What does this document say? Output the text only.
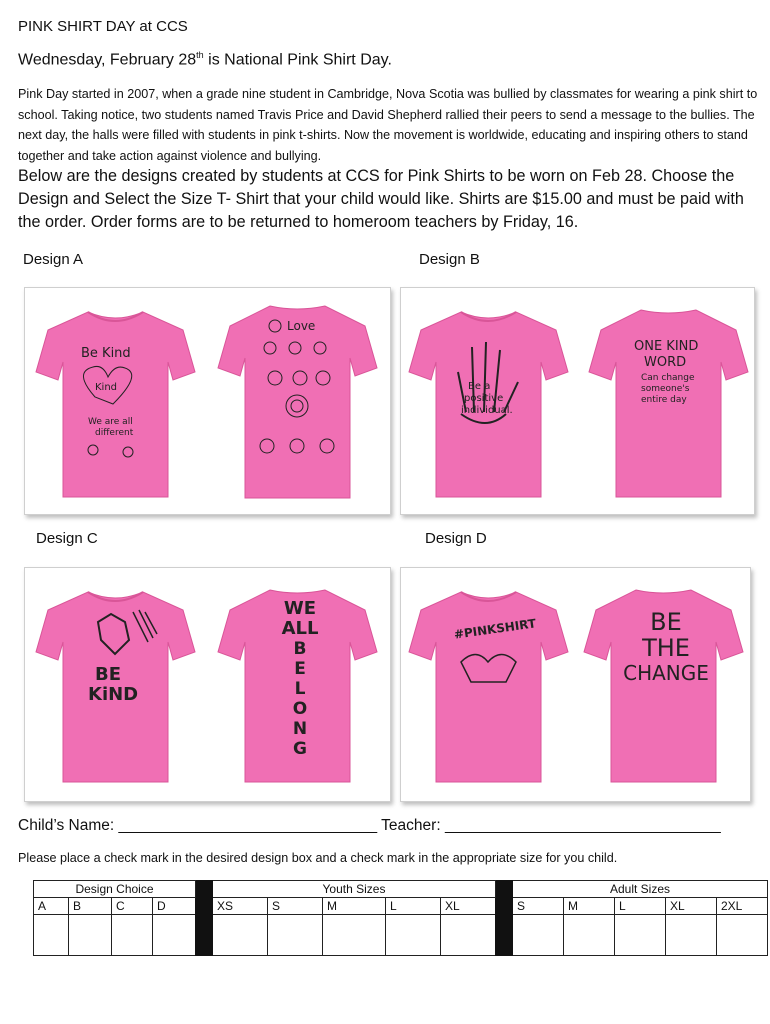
PINK SHIRT DAY at CCS
Wednesday, February 28th is National Pink Shirt Day.
Pink Day started in 2007, when a grade nine student in Cambridge, Nova Scotia was bullied by classmates for wearing a pink shirt to school. Taking notice, two students named Travis Price and David Shepherd rallied their peers to send a message to the bullies. The next day, the halls were filled with students in pink t-shirts. Now the movement is worldwide, educating and inspiring others to stand together and take action against violence and bullying.
Below are the designs created by students at CCS for Pink Shirts to be worn on Feb 28. Choose the Design and Select the Size T- Shirt that your child would like. Shirts are $15.00 and must be paid with the order. Order forms are to be returned to homeroom teachers by Friday, 16.
Design A	Design B
Design C	Design D
Be Kind
Kind
We are all
different
Love
Be a
positive
individual.
ONE KIND
WORD
Can change
someone's
entire day
BE
KiND
WE
ALL
B
E
L
O
N
G
#PINKSHIRT	BE
THE
CHANGE
Child’s Name: ______________________________ Teacher: ________________________________
Please place a check mark in the desired design box and a check mark in the appropriate size for you child.
Design Choice					Youth Sizes						Adult Sizes				
A	B	C	D		XS	S	M	L	XL		S	M	L	XL	2XL
